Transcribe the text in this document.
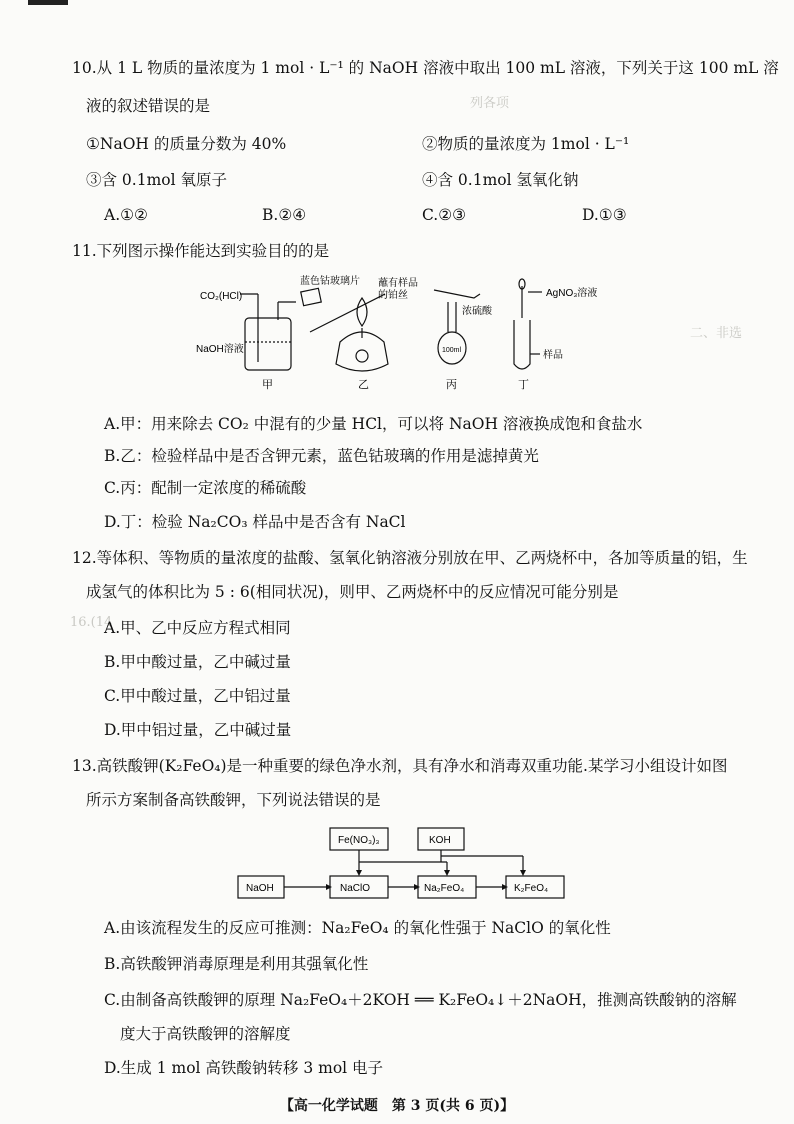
列各项
二、非选
16.(14
10.从 1 L 物质的量浓度为 1 mol · L⁻¹ 的 NaOH 溶液中取出 100 mL 溶液，下列关于这 100 mL 溶
液的叙述错误的是
①NaOH 的质量分数为 40%	②物质的量浓度为 1mol · L⁻¹
③含 0.1mol 氧原子	④含 0.1mol 氢氧化钠
A.①②	B.②④	C.②③	D.①③
11.下列图示操作能达到实验目的的是
CO₂(HCl)
NaOH溶液
蓝色钴玻璃片 蘸有样品
的铂丝
浓硫酸
100ml
AgNO₃溶液
样品
甲	乙	丙	丁
A.甲：用来除去 CO₂ 中混有的少量 HCl，可以将 NaOH 溶液换成饱和食盐水
B.乙：检验样品中是否含钾元素，蓝色钴玻璃的作用是滤掉黄光
C.丙：配制一定浓度的稀硫酸
D.丁：检验 Na₂CO₃ 样品中是否含有 NaCl
12.等体积、等物质的量浓度的盐酸、氢氧化钠溶液分别放在甲、乙两烧杯中，各加等质量的铝，生
成氢气的体积比为 5 : 6(相同状况)，则甲、乙两烧杯中的反应情况可能分别是
A.甲、乙中反应方程式相同
B.甲中酸过量，乙中碱过量
C.甲中酸过量，乙中铝过量
D.甲中铝过量，乙中碱过量
13.高铁酸钾(K₂FeO₄)是一种重要的绿色净水剂，具有净水和消毒双重功能.某学习小组设计如图
所示方案制备高铁酸钾，下列说法错误的是
Fe(NO₃)₃	KOH
NaOH	NaClO	Na₂FeO₄	K₂FeO₄
A.由该流程发生的反应可推测：Na₂FeO₄ 的氧化性强于 NaClO 的氧化性
B.高铁酸钾消毒原理是利用其强氧化性
C.由制备高铁酸钾的原理 Na₂FeO₄＋2KOH ══ K₂FeO₄↓＋2NaOH，推测高铁酸钠的溶解
度大于高铁酸钾的溶解度
D.生成 1 mol 高铁酸钠转移 3 mol 电子
【高一化学试题　第 3 页(共 6 页)】
